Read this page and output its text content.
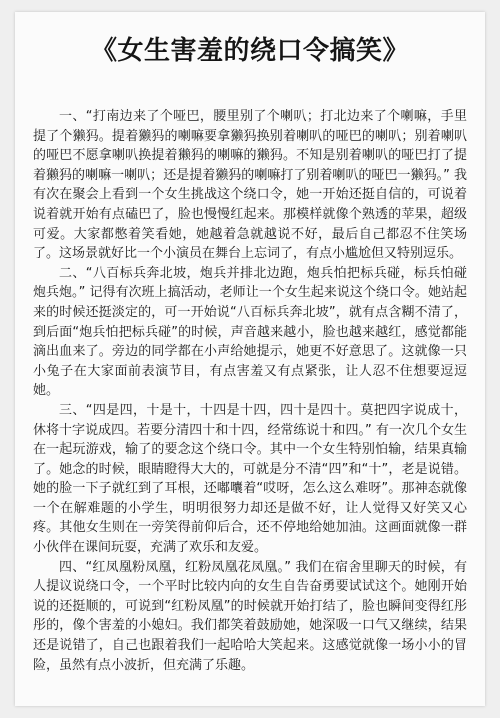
《女生害羞的绕口令搞笑》

一、“打南边来了个哑巴，腰里别了个喇叭；打北边来了个喇嘛，手里提了个獭犸。提着獭犸的喇嘛要拿獭犸换别着喇叭的哑巴的喇叭；别着喇叭的哑巴不愿拿喇叭换提着獭犸的喇嘛的獭犸。不知是别着喇叭的哑巴打了提着獭犸的喇嘛一喇叭；还是提着獭犸的喇嘛打了别着喇叭的哑巴一獭犸。” 我有次在聚会上看到一个女生挑战这个绕口令，她一开始还挺自信的，可说着说着就开始有点磕巴了，脸也慢慢红起来。那模样就像个熟透的苹果，超级可爱。大家都憋着笑看她，她越着急就越说不好，最后自己都忍不住笑场了。这场景就好比一个小演员在舞台上忘词了，有点小尴尬但又特别逗乐。

二、“八百标兵奔北坡，炮兵并排北边跑，炮兵怕把标兵碰，标兵怕碰炮兵炮。” 记得有次班上搞活动，老师让一个女生起来说这个绕口令。她站起来的时候还挺淡定的，可一开始说“八百标兵奔北坡”，就有点含糊不清了，到后面“炮兵怕把标兵碰”的时候，声音越来越小，脸也越来越红，感觉都能滴出血来了。旁边的同学都在小声给她提示，她更不好意思了。这就像一只小兔子在大家面前表演节目，有点害羞又有点紧张，让人忍不住想要逗逗她。

三、“四是四，十是十，十四是十四，四十是四十。莫把四字说成十，休将十字说成四。若要分清四十和十四，经常练说十和四。” 有一次几个女生在一起玩游戏，输了的要念这个绕口令。其中一个女生特别怕输，结果真输了。她念的时候，眼睛瞪得大大的，可就是分不清“四”和“十”，老是说错。她的脸一下子就红到了耳根，还嘟囔着“哎呀，怎么这么难呀”。那神态就像一个在解难题的小学生，明明很努力却还是做不好，让人觉得又好笑又心疼。其他女生则在一旁笑得前仰后合，还不停地给她加油。这画面就像一群小伙伴在课间玩耍，充满了欢乐和友爱。

四、“红凤凰粉凤凰，红粉凤凰花凤凰。” 我们在宿舍里聊天的时候，有人提议说绕口令，一个平时比较内向的女生自告奋勇要试试这个。她刚开始说的还挺顺的，可说到“红粉凤凰”的时候就开始打结了，脸也瞬间变得红彤彤的，像个害羞的小媳妇。我们都笑着鼓励她，她深吸一口气又继续，结果还是说错了，自己也跟着我们一起哈哈大笑起来。这感觉就像一场小小的冒险，虽然有点小波折，但充满了乐趣。
